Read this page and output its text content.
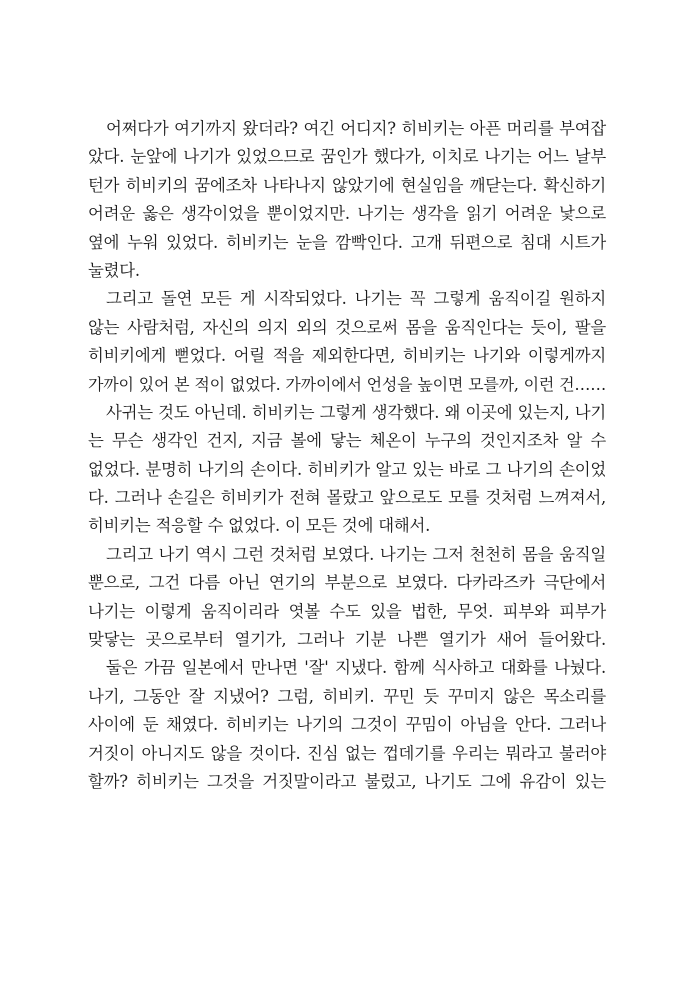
어쩌다가 여기까지 왔더라? 여긴 어디지? 히비키는 아픈 머리를 부여잡
았다. 눈앞에 나기가 있었으므로 꿈인가 했다가, 이치로 나기는 어느 날부
턴가 히비키의 꿈에조차 나타나지 않았기에 현실임을 깨닫는다. 확신하기
어려운 옳은 생각이었을 뿐이었지만. 나기는 생각을 읽기 어려운 낯으로
옆에 누워 있었다. 히비키는 눈을 깜빡인다. 고개 뒤편으로 침대 시트가
눌렸다.
그리고 돌연 모든 게 시작되었다. 나기는 꼭 그렇게 움직이길 원하지
않는 사람처럼, 자신의 의지 외의 것으로써 몸을 움직인다는 듯이, 팔을
히비키에게 뻗었다. 어릴 적을 제외한다면, 히비키는 나기와 이렇게까지
가까이 있어 본 적이 없었다. 가까이에서 언성을 높이면 모를까, 이런 건……
사귀는 것도 아닌데. 히비키는 그렇게 생각했다. 왜 이곳에 있는지, 나기
는 무슨 생각인 건지, 지금 볼에 닿는 체온이 누구의 것인지조차 알 수
없었다. 분명히 나기의 손이다. 히비키가 알고 있는 바로 그 나기의 손이었
다. 그러나 손길은 히비키가 전혀 몰랐고 앞으로도 모를 것처럼 느껴져서,
히비키는 적응할 수 없었다. 이 모든 것에 대해서.
그리고 나기 역시 그런 것처럼 보였다. 나기는 그저 천천히 몸을 움직일
뿐으로, 그건 다름 아닌 연기의 부분으로 보였다. 다카라즈카 극단에서
나기는 이렇게 움직이리라 엿볼 수도 있을 법한, 무엇. 피부와 피부가
맞닿는 곳으로부터 열기가, 그러나 기분 나쁜 열기가 새어 들어왔다.
둘은 가끔 일본에서 만나면 '잘' 지냈다. 함께 식사하고 대화를 나눴다.
나기, 그동안 잘 지냈어? 그럼, 히비키. 꾸민 듯 꾸미지 않은 목소리를
사이에 둔 채였다. 히비키는 나기의 그것이 꾸밈이 아님을 안다. 그러나
거짓이 아니지도 않을 것이다. 진심 없는 껍데기를 우리는 뭐라고 불러야
할까? 히비키는 그것을 거짓말이라고 불렀고, 나기도 그에 유감이 있는
